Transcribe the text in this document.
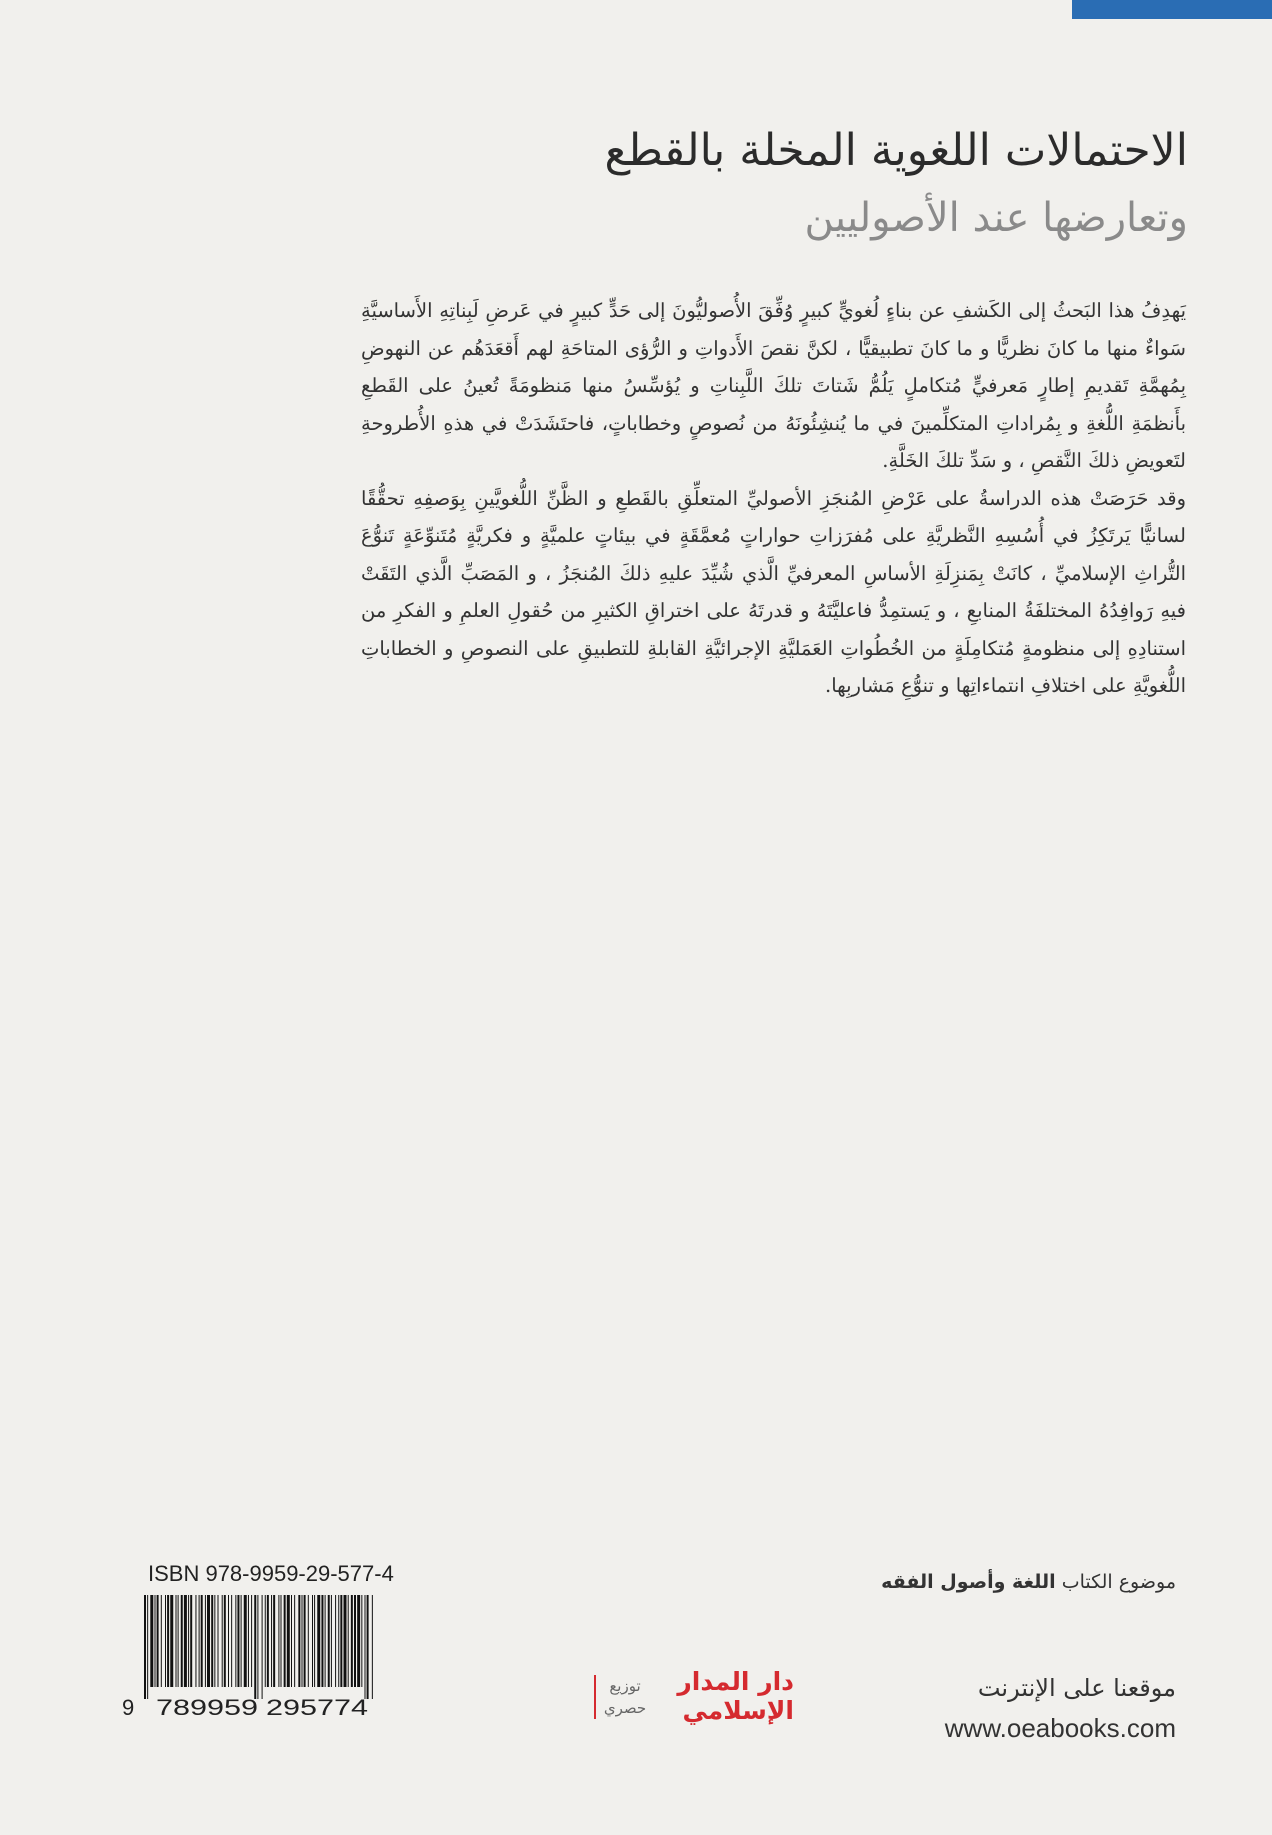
الاحتمالات اللغوية المخلة بالقطع
وتعارضها عند الأصوليين

يَهدِفُ هذا البَحثُ إلى الكَشفِ عن بناءٍ لُغويٍّ كبيرٍ وُفِّقَ الأُصوليُّونَ إلى حَدٍّ كبيرٍ في عَرضِ لَبِناتِهِ الأَساسيَّةِ سَواءٌ منها ما كانَ نظريًّا و ما كانَ تطبيقيًّا ، لكنَّ نقصَ الأَدواتِ و الرُّؤى المتاحَةِ لهم أَقعَدَهُم عن النهوضِ بِمُهمَّةِ تَقديمِ إطارٍ مَعرفيٍّ مُتكاملٍ يَلُمُّ شَتاتَ تلكَ اللَّبِناتِ و يُؤسِّسُ منها مَنظومَةً تُعينُ على القَطعِ بأَنظمَةِ اللُّغةِ و بِمُراداتِ المتكلِّمينَ في ما يُنشِئُونَهُ من نُصوصٍ وخطاباتٍ، فاحتَشَدَتْ في هذهِ الأُطروحةِ لتَعويضِ ذلكَ النَّقصِ ، و سَدِّ تلكَ الخَلَّةِ.

وقد حَرَصَتْ هذه الدراسةُ على عَرْضِ المُنجَزِ الأصوليِّ المتعلِّقِ بالقَطعِ و الظَّنِّ اللُّغويَّينِ بِوَصفِهِ تحقُّقًا لسانيًّا يَرتَكِزُ في أُسُسِهِ النَّظريَّةِ على مُفرَزاتِ حواراتٍ مُعمَّقَةٍ في بيئاتٍ علميَّةٍ و فكريَّةٍ مُتَنوِّعَةٍ تَنوُّعَ التُّراثِ الإسلاميِّ ، كانَتْ بِمَنزِلَةِ الأساسِ المعرفيِّ الَّذي شُيِّدَ عليهِ ذلكَ المُنجَزُ ، و المَصَبِّ الَّذي التَقَتْ فيهِ رَوافِدُهُ المختلفَةُ المنابعِ ، و يَستمِدُّ فاعليَّتَهُ و قدرتَهُ على اختراقِ الكثيرِ من حُقولِ العلمِ و الفكرِ من استنادِهِ إلى منظومةٍ مُتكامِلَةٍ من الخُطُواتِ العَمَليَّةِ الإجرائيَّةِ القابلةِ للتطبيقِ على النصوصِ و الخطاباتِ اللُّغويَّةِ على اختلافِ انتماءاتِها و تنوُّعِ مَشاربِها.

موضوع الكتاب اللغة وأصول الفقه
موقعنا على الإنترنت
www.oeabooks.com
دار المدار الإسلامي
توزيع
حصري
ISBN 978-9959-29-577-4
9 789959 295774
